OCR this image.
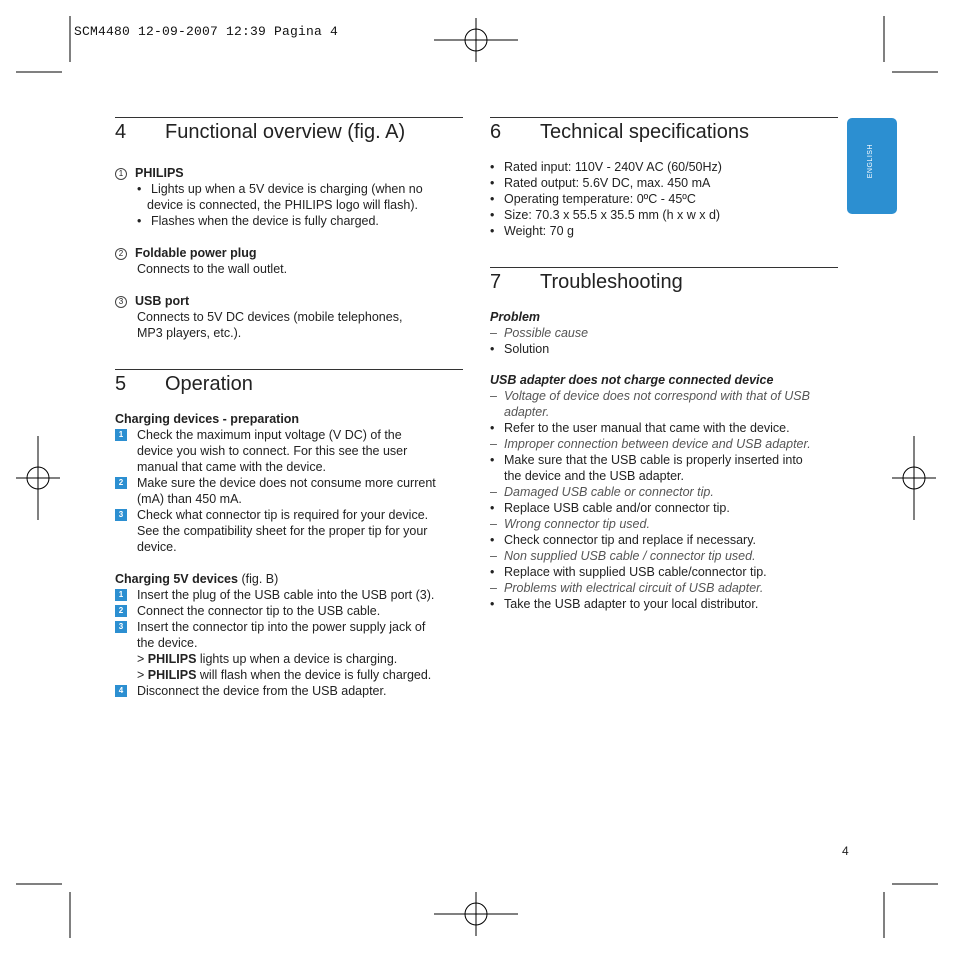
SCM4480 12-09-2007 12:39 Pagina 4
ENGLISH
4 Functional overview (fig. A)
1 PHILIPS
• Lights up when a 5V device is charging (when no
device is connected, the PHILIPS logo will flash).
• Flashes when the device is fully charged.
2 Foldable power plug
Connects to the wall outlet.
3 USB port
Connects to 5V DC devices (mobile telephones,
MP3 players, etc.).
5 Operation
Charging devices - preparation
1	Check the maximum input voltage (V DC) of the
device you wish to connect. For this see the user
manual that came with the device.
2	Make sure the device does not consume more current
(mA) than 450 mA.
3	Check what connector tip is required for your device.
See the compatibility sheet for the proper tip for your
device.
Charging 5V devices (fig. B)
1	Insert the plug of the USB cable into the USB port (3).
2	Connect the connector tip to the USB cable.
3	Insert the connector tip into the power supply jack of
the device.
> PHILIPS lights up when a device is charging.
> PHILIPS will flash when the device is fully charged.
4	Disconnect the device from the USB adapter.
6 Technical specifications
• Rated input: 110V - 240V AC (60/50Hz)
• Rated output: 5.6V DC, max. 450 mA
• Operating temperature: 0ºC - 45ºC
• Size: 70.3 x 55.5 x 35.5 mm (h x w x d)
• Weight: 70 g
7 Troubleshooting
Problem
– Possible cause
• Solution
USB adapter does not charge connected device
– Voltage of device does not correspond with that of USB
adapter.
• Refer to the user manual that came with the device.
– Improper connection between device and USB adapter.
• Make sure that the USB cable is properly inserted into
the device and the USB adapter.
– Damaged USB cable or connector tip.
• Replace USB cable and/or connector tip.
– Wrong connector tip used.
• Check connector tip and replace if necessary.
– Non supplied USB cable / connector tip used.
• Replace with supplied USB cable/connector tip.
– Problems with electrical circuit of USB adapter.
• Take the USB adapter to your local distributor.
4
